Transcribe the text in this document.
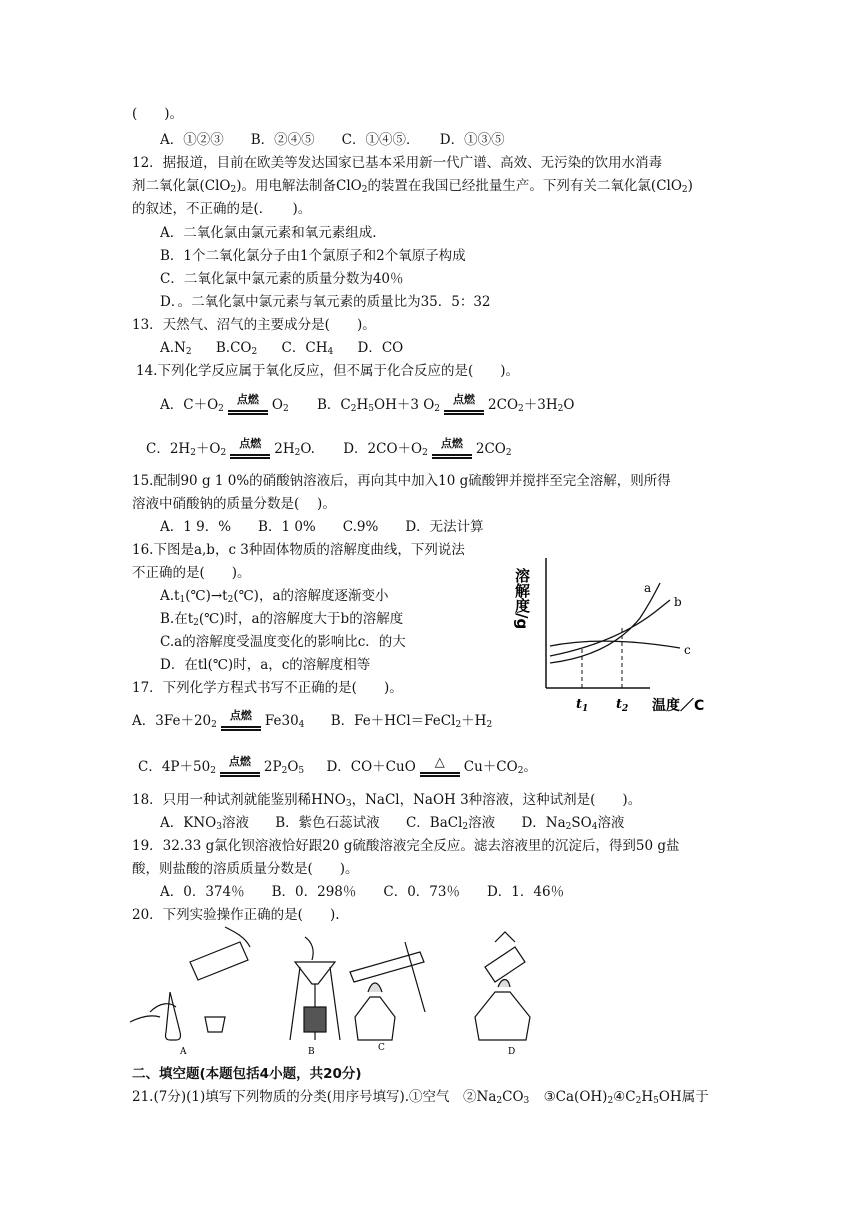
(　　)。
A．①②③　　B．②④⑤　　C．①④⑤．　　D．①③⑤
12．据报道，目前在欧美等发达国家已基本采用新一代广谱、高效、无污染的饮用水消毒
剂二氧化氯(ClO$_2$)。用电解法制备ClO$_2$的装置在我国已经批量生产。下列有关二氧化氯(ClO$_2$)
的叙述，不正确的是(．　　)。
A．二氧化氯由氯元素和氧元素组成.
B．1个二氧化氯分子由1个氯原子和2个氧原子构成
C．二氧化氯中氯元素的质量分数为40％
D．。二氧化氯中氯元素与氧元素的质量比为35．5：32
13．天然气、沼气的主要成分是(　　)。
$A.N_2$ $B.CO_2$ C．$CH_4$ D．CO
14.下列化学反应属于氧化反应，但不属于化合反应的是(　　)。
A．$C+O_2$
点燃 $O_2$ B．$C_2H_5OH+3$ $O_2$
点燃 $2CO_2+3H_2O$
C．$2H_2+O_2$
点燃 $2H_2O$. D．$2CO+O_2$
点燃 $2CO_2$
15.配制90 g 1 0%的硝酸钠溶液后，再向其中加入10 g硫酸钾并搅拌至完全溶解，则所得
溶液中硝酸钠的质量分数是(　 )。
A．1 9．%　　B．1 0%　　C.9%　　D．无法计算
16.下图是a,b，c 3种固体物质的溶解度曲线，下列说法
不正确的是(　　)。
$A.t_1(℃)\to t_2(℃)$，a的溶解度逐渐变小
B.在$t_2(℃)$时，a的溶解度大于b的溶解度
C.a的溶解度受温度变化的影响比c．的大
D．在tl(℃)时，a，c的溶解度相等
溶解度/g	a
b
c
$t_1$ $t_2$ 温度／C
17．下列化学方程式书写不正确的是(　　)。
A．$3Fe+20_2$
点燃 $Fe30_4$ B．$Fe+HCl=FeCl_2+H_2$
C．$4P+50_2$
点燃 $2P_2O_5$ D．CO＋CuO	△	$Cu+CO_2$。
18．只用一种试剂就能鉴别稀$HNO_3$，NaCl，NaOH 3种溶液，这种试剂是(　　)。
A．$KNO_3$溶液 B．紫色石蕊试液 C．BaCl$_2$溶液 D．$Na_2SO_4$溶液
19．32.33 g氯化钡溶液恰好跟20 g硫酸溶液完全反应。滤去溶液里的沉淀后，得到50 g盐
酸，则盐酸的溶质质量分数是(　　)。
A．0．374％　　B．0．298％　　C．0．73％　　D．1．46％
20．下列实验操作正确的是(　　).
A	B	C	D
二、填空题(本题包括4小题，共20分)
21.(7分)(1)填写下列物质的分类(用序号填写).①空气　$②Na_2CO_3$ $③Ca(OH)_2④C_2H_5OH$属于
